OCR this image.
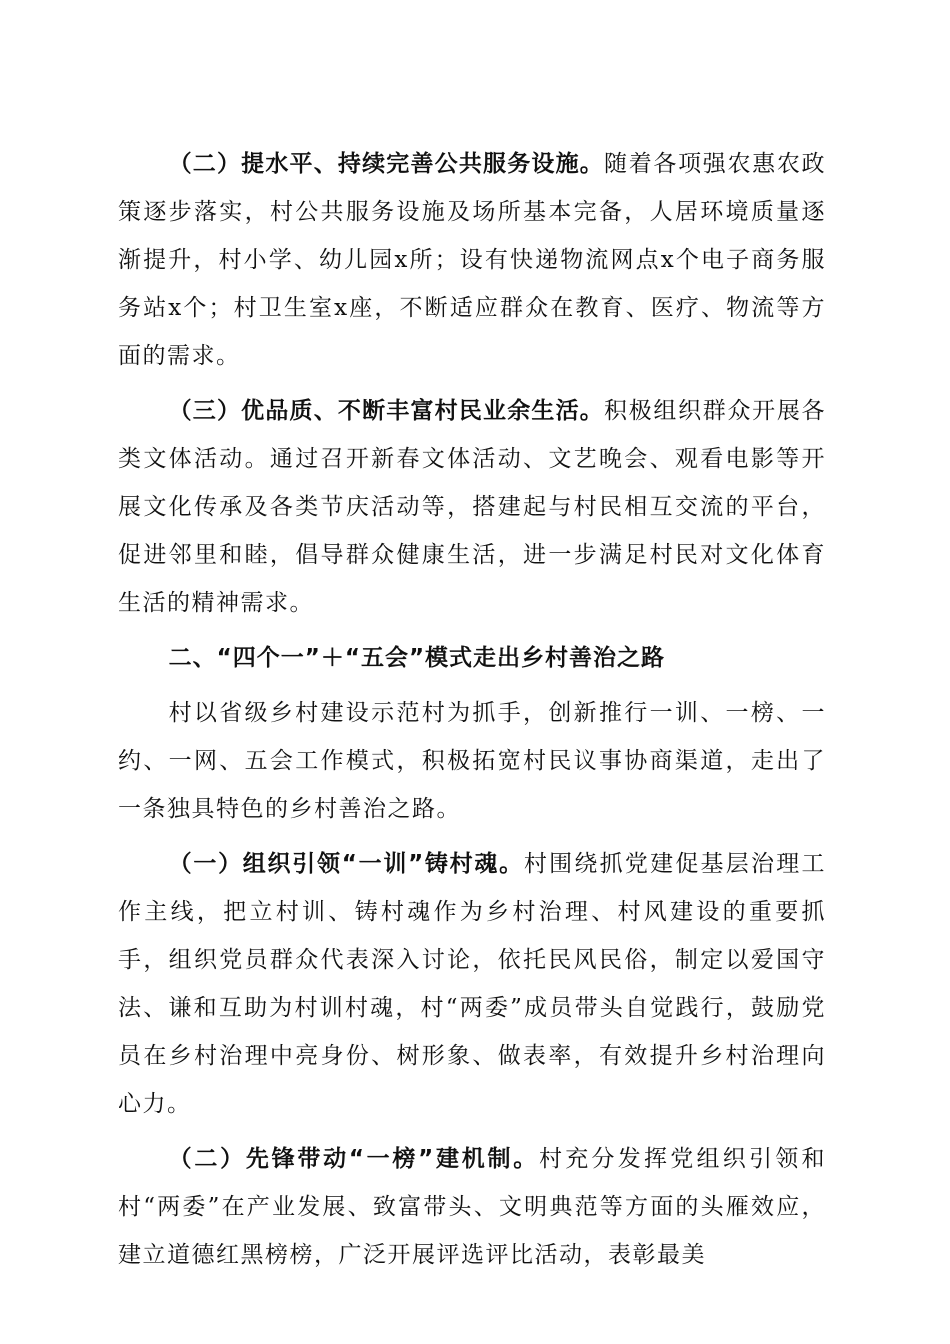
（二）提水平、持续完善公共服务设施。随着各项强农惠农政策逐步落实，村公共服务设施及场所基本完备，人居环境质量逐渐提升，村小学、幼儿园x所；设有快递物流网点x个电子商务服务站x个；村卫生室x座，不断适应群众在教育、医疗、物流等方面的需求。

（三）优品质、不断丰富村民业余生活。积极组织群众开展各类文体活动。通过召开新春文体活动、文艺晚会、观看电影等开展文化传承及各类节庆活动等，搭建起与村民相互交流的平台，促进邻里和睦，倡导群众健康生活，进一步满足村民对文化体育生活的精神需求。

二、“四个一”＋“五会”模式走出乡村善治之路

村以省级乡村建设示范村为抓手，创新推行一训、一榜、一约、一网、五会工作模式，积极拓宽村民议事协商渠道，走出了一条独具特色的乡村善治之路。

（一）组织引领“一训”铸村魂。村围绕抓党建促基层治理工作主线，把立村训、铸村魂作为乡村治理、村风建设的重要抓手，组织党员群众代表深入讨论，依托民风民俗，制定以爱国守法、谦和互助为村训村魂，村“两委”成员带头自觉践行，鼓励党员在乡村治理中亮身份、树形象、做表率，有效提升乡村治理向心力。

（二）先锋带动“一榜”建机制。村充分发挥党组织引领和村“两委”在产业发展、致富带头、文明典范等方面的头雁效应，建立道德红黑榜榜，广泛开展评选评比活动，表彰最美
